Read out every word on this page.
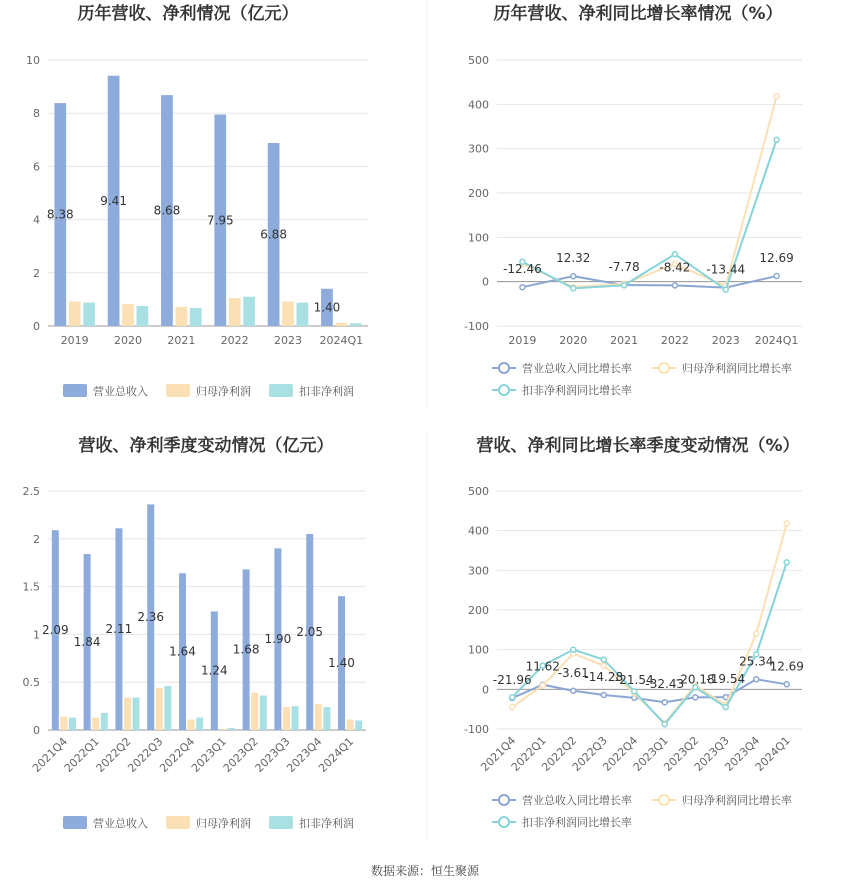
历年营收、净利情况（亿元）
0
2
4
6
8
10
2019 2020 2021 2022 2023 2024Q1
8.38
9.41
8.68
7.95
6.88
1.40
营业总收入	归母净利润	扣非净利润
历年营收、净利同比增长率情况（%）
-100
0
100
200
300
400
500
2019 2020 2021 2022 2023 2024Q1
-12.46
12.32
-7.78 -8.42 -13.44
12.69
营业总收入同比增长率	归母净利润同比增长率
扣非净利润同比增长率
营收、净利季度变动情况（亿元）
0
0.5
1
1.5
2
2.5
2021Q4
2022Q1
2022Q2
2022Q3
2022Q4
2023Q1
2023Q2
2023Q3
2023Q4
2024Q1
2.09
1.84
2.11
2.36
1.64
1.24
1.68
1.90
2.05
1.40
营业总收入	归母净利润	扣非净利润
营收、净利同比增长率季度变动情况（%）
-100
0
100
200
300
400
500
2021Q4
2022Q1
2022Q2
2022Q3
2022Q4
2023Q1
2023Q2
2023Q3
2023Q4
2024Q1
-21.96
11.62
-3.61
-14.28
-21.54
-32.43
-20.18
-19.54
25.34
12.69
营业总收入同比增长率	归母净利润同比增长率
扣非净利润同比增长率
数据来源：恒生聚源
